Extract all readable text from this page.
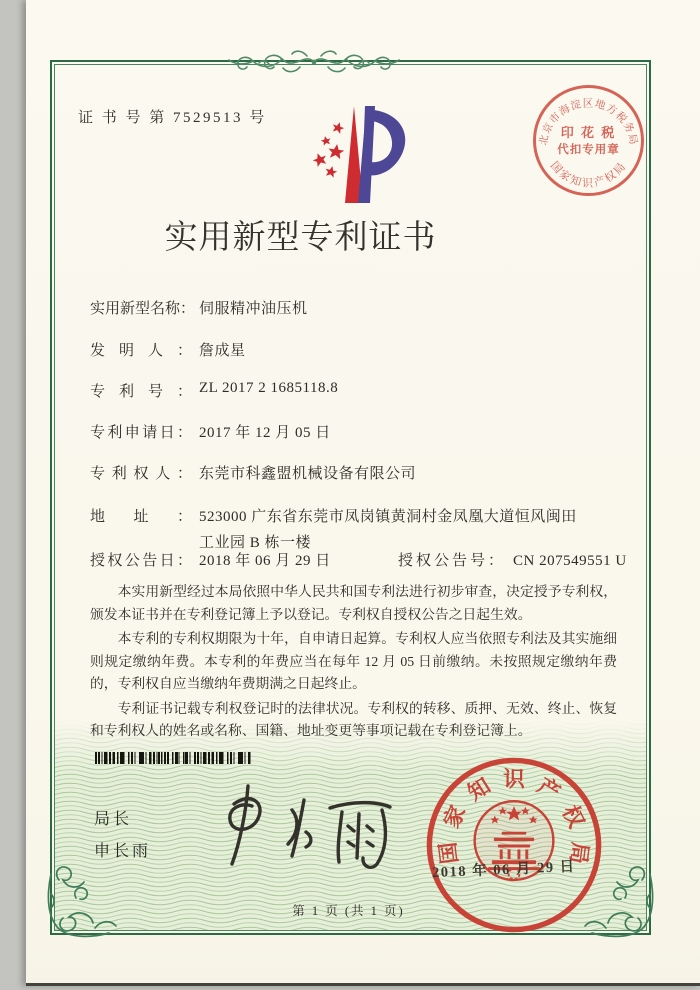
证 书 号 第 7529513 号
北京市海淀区地方税务局
印 花 税
代扣专用章
国家知识产权局
实用新型专利证书
实用新型名称： 伺服精冲油压机
发明人： 詹成星
专利号： ZL 2017 2 1685118.8
专利申请日： 2017 年 12 月 05 日
专利权人： 东莞市科鑫盟机械设备有限公司
地址： 523000 广东省东莞市凤岗镇黄洞村金凤凰大道恒风闽田
工业园 B 栋一楼
授权公告日： 2018 年 06 月 29 日	授权公告号： CN 207549551 U

本实用新型经过本局依照中华人民共和国专利法进行初步审查，决定授予专利权，颁发本证书并在专利登记簿上予以登记。专利权自授权公告之日起生效。

本专利的专利权期限为十年，自申请日起算。专利权人应当依照专利法及其实施细则规定缴纳年费。本专利的年费应当在每年 12 月 05 日前缴纳。未按照规定缴纳年费的，专利权自应当缴纳年费期满之日起终止。

专利证书记载专利权登记时的法律状况。专利权的转移、质押、无效、终止、恢复和专利权人的姓名或名称、国籍、地址变更等事项记载在专利登记簿上。

局长
申长雨	国
家
知 识 产
权
局
2018 年 06 月 29 日
第 1 页 (共 1 页)
